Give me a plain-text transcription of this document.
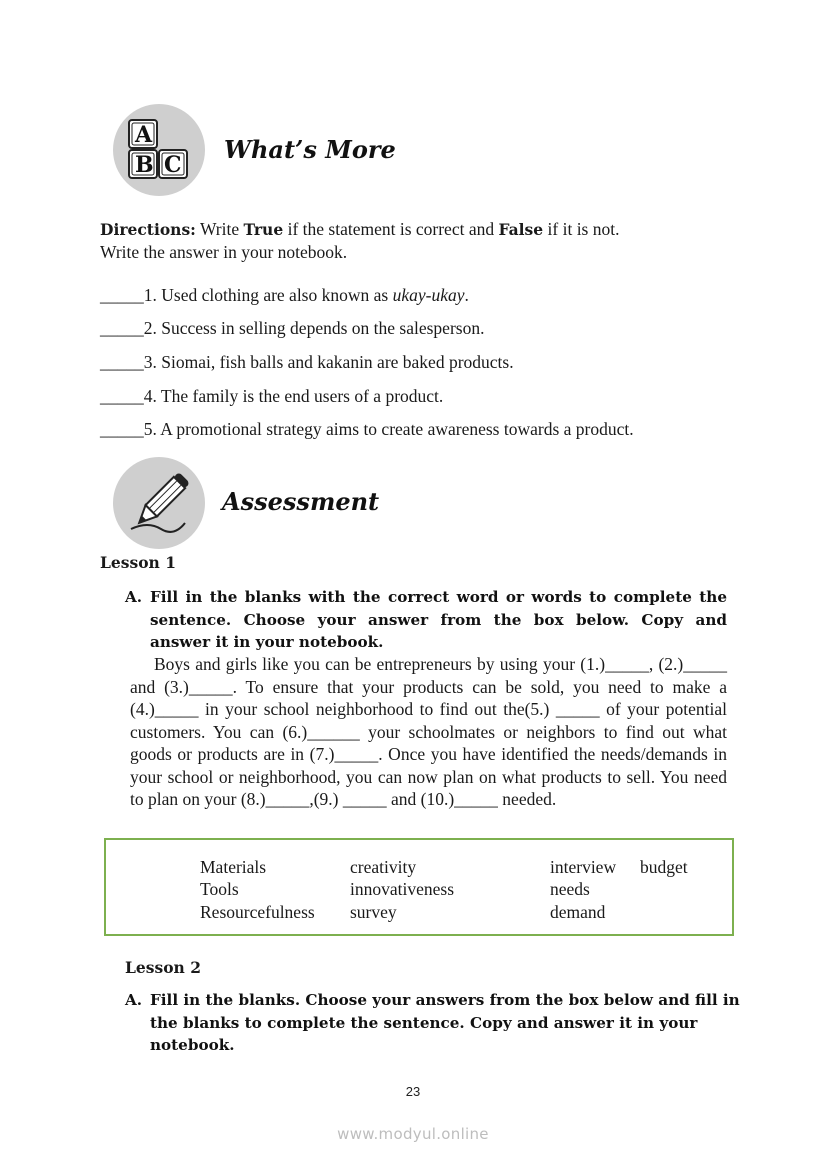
A
B C
What’s More
Directions: Write True if the statement is correct and False if it is not.
Write the answer in your notebook.
_____1. Used clothing are also known as ukay-ukay.
_____2. Success in selling depends on the salesperson.
_____3. Siomai, fish balls and kakanin are baked products.
_____4. The family is the end users of a product.
_____5. A promotional strategy aims to create awareness towards a product.
Assessment
Lesson 1
A. Fill in the blanks with the correct word or words to complete the sentence. Choose your answer from the box below. Copy and answer it in your notebook.
Boys and girls like you can be entrepreneurs by using your (1.)_____, (2.)_____ and (3.)_____. To ensure that your products can be sold, you need to make a (4.)_____ in your school neighborhood to find out the(5.) _____ of your potential customers. You can (6.)______ your schoolmates or neighbors to find out what goods or products are in (7.)_____. Once you have identified the needs/demands in your school or neighborhood, you can now plan on what products to sell. You need to plan on your (8.)_____,(9.) _____ and (10.)_____ needed.
Materials
Tools
Resourcefulness
creativity
innovativeness
survey
interview
needs
demand
budget
Lesson 2
A. Fill in the blanks. Choose your answers from the box below and fill in the blanks to complete the sentence. Copy and answer it in your notebook.
23
www.modyul.online
